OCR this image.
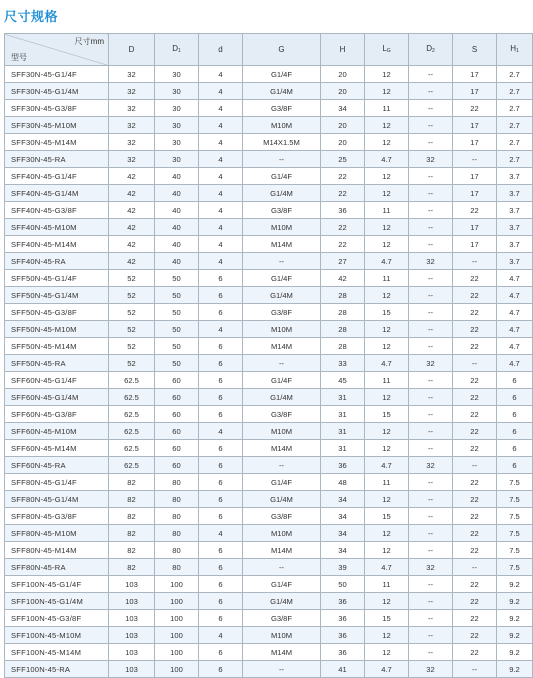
尺寸规格
尺寸mm
型号	D	$D_1$	d	G	H	$L_G$	$D_2$	S	$H_1$
SFF30N-45-G1/4F	32	30	4	G1/4F	20	12	--	17	2.7
SFF30N-45-G1/4M	32	30	4	G1/4M	20	12	--	17	2.7
SFF30N-45-G3/8F	32	30	4	G3/8F	34	11	--	22	2.7
SFF30N-45-M10M	32	30	4	M10M	20	12	--	17	2.7
SFF30N-45-M14M	32	30	4	M14X1.5M	20	12	--	17	2.7
SFF30N-45-RA	32	30	4	--	25	4.7	32	--	2.7
SFF40N-45-G1/4F	42	40	4	G1/4F	22	12	--	17	3.7
SFF40N-45-G1/4M	42	40	4	G1/4M	22	12	--	17	3.7
SFF40N-45-G3/8F	42	40	4	G3/8F	36	11	--	22	3.7
SFF40N-45-M10M	42	40	4	M10M	22	12	--	17	3.7
SFF40N-45-M14M	42	40	4	M14M	22	12	--	17	3.7
SFF40N-45-RA	42	40	4	--	27	4.7	32	--	3.7
SFF50N-45-G1/4F	52	50	6	G1/4F	42	11	--	22	4.7
SFF50N-45-G1/4M	52	50	6	G1/4M	28	12	--	22	4.7
SFF50N-45-G3/8F	52	50	6	G3/8F	28	15	--	22	4.7
SFF50N-45-M10M	52	50	4	M10M	28	12	--	22	4.7
SFF50N-45-M14M	52	50	6	M14M	28	12	--	22	4.7
SFF50N-45-RA	52	50	6	--	33	4.7	32	--	4.7
SFF60N-45-G1/4F	62.5	60	6	G1/4F	45	11	--	22	6
SFF60N-45-G1/4M	62.5	60	6	G1/4M	31	12	--	22	6
SFF60N-45-G3/8F	62.5	60	6	G3/8F	31	15	--	22	6
SFF60N-45-M10M	62.5	60	4	M10M	31	12	--	22	6
SFF60N-45-M14M	62.5	60	6	M14M	31	12	--	22	6
SFF60N-45-RA	62.5	60	6	--	36	4.7	32	--	6
SFF80N-45-G1/4F	82	80	6	G1/4F	48	11	--	22	7.5
SFF80N-45-G1/4M	82	80	6	G1/4M	34	12	--	22	7.5
SFF80N-45-G3/8F	82	80	6	G3/8F	34	15	--	22	7.5
SFF80N-45-M10M	82	80	4	M10M	34	12	--	22	7.5
SFF80N-45-M14M	82	80	6	M14M	34	12	--	22	7.5
SFF80N-45-RA	82	80	6	--	39	4.7	32	--	7.5
SFF100N-45-G1/4F	103	100	6	G1/4F	50	11	--	22	9.2
SFF100N-45-G1/4M	103	100	6	G1/4M	36	12	--	22	9.2
SFF100N-45-G3/8F	103	100	6	G3/8F	36	15	--	22	9.2
SFF100N-45-M10M	103	100	4	M10M	36	12	--	22	9.2
SFF100N-45-M14M	103	100	6	M14M	36	12	--	22	9.2
SFF100N-45-RA	103	100	6	--	41	4.7	32	--	9.2
